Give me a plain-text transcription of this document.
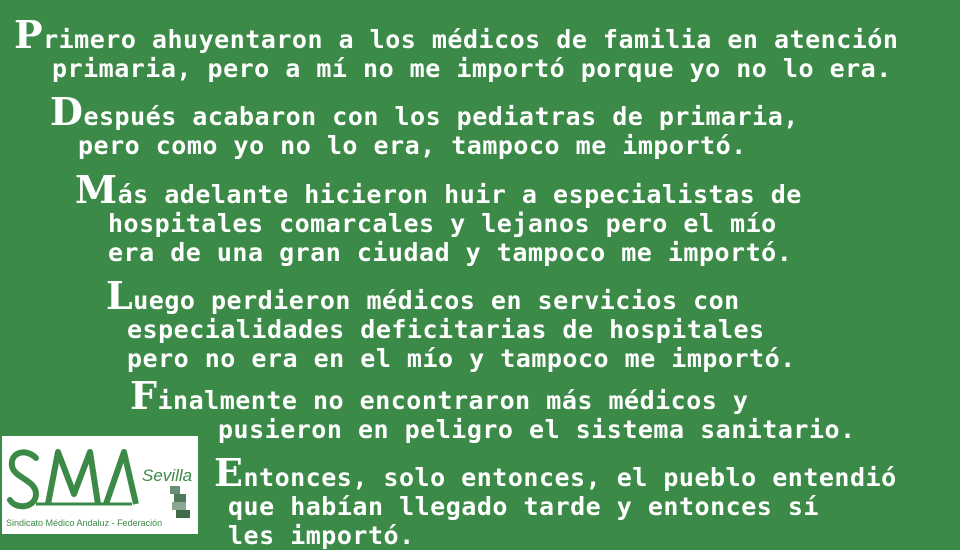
Primero ahuyentaron a los médicos de familia en atención
primaria, pero a mí no me importó porque yo no lo era.
Después acabaron con los pediatras de primaria,
pero como yo no lo era, tampoco me importó.
Más adelante hicieron huir a especialistas de
hospitales comarcales y lejanos pero el mío
era de una gran ciudad y tampoco me importó.
Luego perdieron médicos en servicios con
especialidades deficitarias de hospitales
pero no era en el mío y tampoco me importó.
Finalmente no encontraron más médicos y
pusieron en peligro el sistema sanitario.
Entonces, solo entonces, el pueblo entendió
que habían llegado tarde y entonces sí
les importó.
Sevilla
Sindicato Médico Andaluz - Federación
